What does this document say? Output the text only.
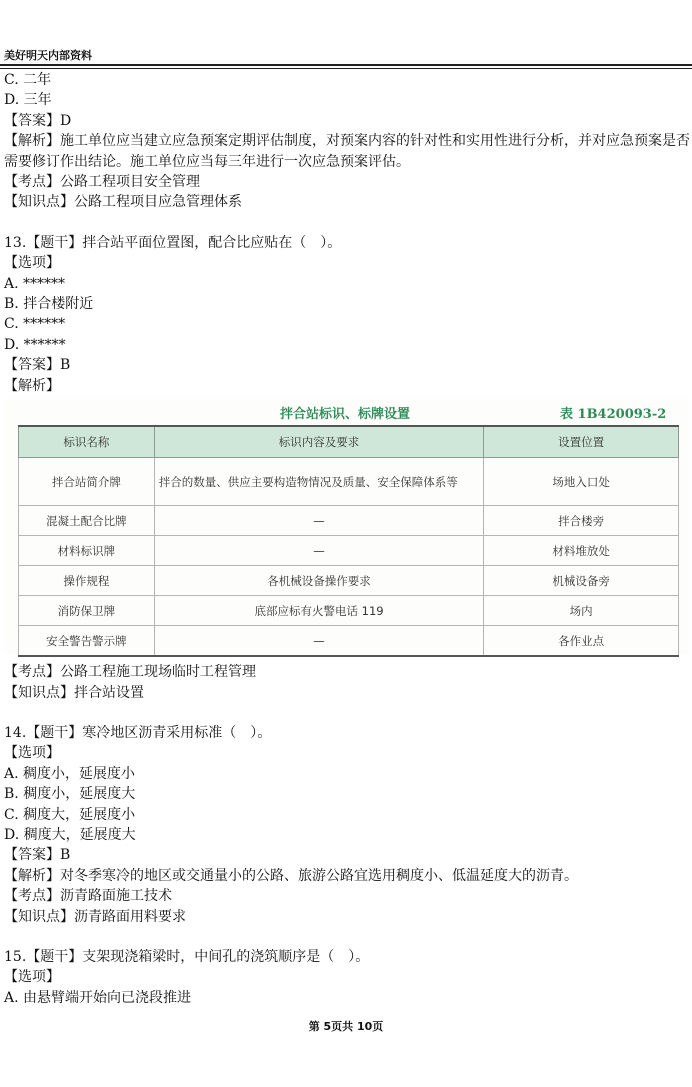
美好明天内部资料
C. 二年
D. 三年
【答案】D
【解析】施工单位应当建立应急预案定期评估制度，对预案内容的针对性和实用性进行分析，并对应急预案是否需要修订作出结论。施工单位应当每三年进行一次应急预案评估。
【考点】公路工程项目安全管理
【知识点】公路工程项目应急管理体系
13.【题干】拌合站平面位置图，配合比应贴在（　）。
【选项】
A. ******
B. 拌合楼附近
C. ******
D. ******
【答案】B
【解析】
拌合站标识、标牌设置	表 1B420093-2
标识名称	标识内容及要求	设置位置
拌合站简介牌	拌合的数量、供应主要构造物情况及质量、安全保障体系等	场地入口处
混凝土配合比牌	—	拌合楼旁
材料标识牌	—	材料堆放处
操作规程	各机械设备操作要求	机械设备旁
消防保卫牌	底部应标有火警电话 119	场内
安全警告警示牌	—	各作业点
【考点】公路工程施工现场临时工程管理
【知识点】拌合站设置
14.【题干】寒冷地区沥青采用标准（　）。
【选项】
A. 稠度小，延展度小
B. 稠度小，延展度大
C. 稠度大，延展度小
D. 稠度大，延展度大
【答案】B
【解析】对冬季寒冷的地区或交通量小的公路、旅游公路宜选用稠度小、低温延度大的沥青。
【考点】沥青路面施工技术
【知识点】沥青路面用料要求
15.【题干】支架现浇箱梁时，中间孔的浇筑顺序是（　）。
【选项】
A. 由悬臂端开始向已浇段推进
第 5页共 10页
